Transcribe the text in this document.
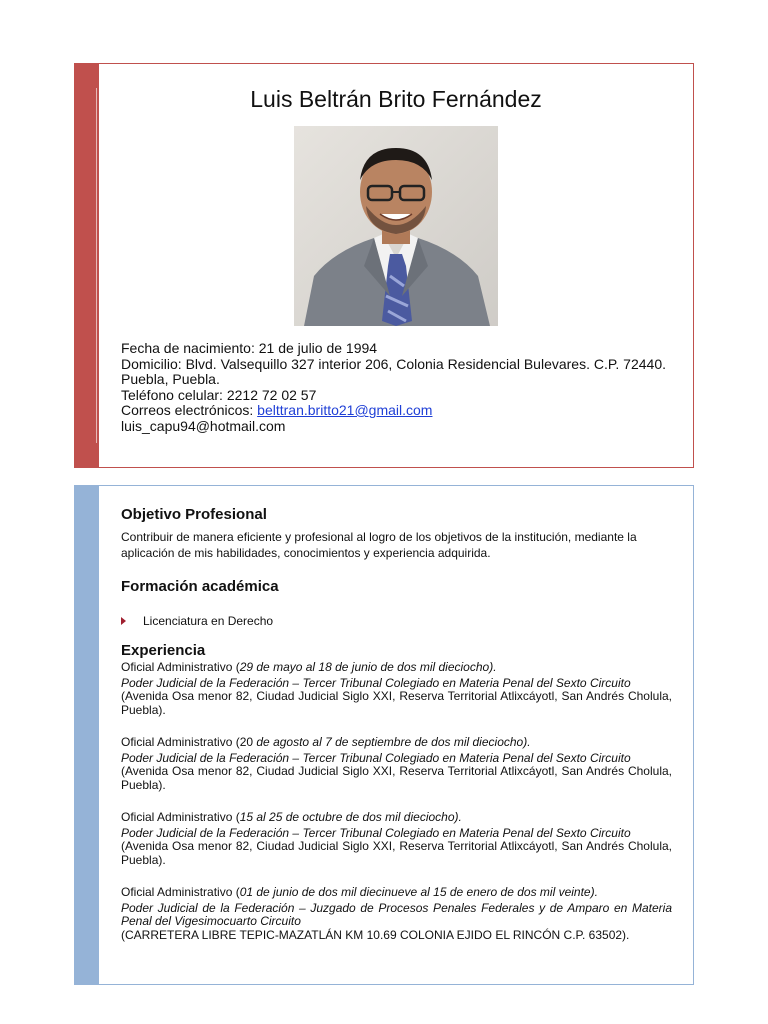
Luis Beltrán Brito Fernández
Fecha de nacimiento: 21 de julio de 1994
Domicilio: Blvd. Valsequillo 327 interior 206, Colonia Residencial Bulevares. C.P. 72440.
Puebla, Puebla.
Teléfono celular: 2212 72 02 57
Correos electrónicos: belttran.britto21@gmail.com
luis_capu94@hotmail.com

Objetivo Profesional

Contribuir de manera eficiente y profesional al logro de los objetivos de la institución, mediante la aplicación de mis habilidades, conocimientos y experiencia adquirida.

Formación académica

Licenciatura en Derecho

Experiencia

Oficial Administrativo (29 de mayo al 18 de junio de dos mil dieciocho).
Poder Judicial de la Federación – Tercer Tribunal Colegiado en Materia Penal del Sexto Circuito
(Avenida Osa menor 82, Ciudad Judicial Siglo XXI, Reserva Territorial Atlixcáyotl, San Andrés Cholula, Puebla).
Oficial Administrativo (20 de agosto al 7 de septiembre de dos mil dieciocho).
Poder Judicial de la Federación – Tercer Tribunal Colegiado en Materia Penal del Sexto Circuito
(Avenida Osa menor 82, Ciudad Judicial Siglo XXI, Reserva Territorial Atlixcáyotl, San Andrés Cholula, Puebla).
Oficial Administrativo (15 al 25 de octubre de dos mil dieciocho).
Poder Judicial de la Federación – Tercer Tribunal Colegiado en Materia Penal del Sexto Circuito
(Avenida Osa menor 82, Ciudad Judicial Siglo XXI, Reserva Territorial Atlixcáyotl, San Andrés Cholula, Puebla).
Oficial Administrativo (01 de junio de dos mil diecinueve al 15 de enero de dos mil veinte).
Poder Judicial de la Federación – Juzgado de Procesos Penales Federales y de Amparo en Materia Penal del Vigesimocuarto Circuito
(CARRETERA LIBRE TEPIC-MAZATLÁN KM 10.69 COLONIA EJIDO EL RINCÓN C.P. 63502).
